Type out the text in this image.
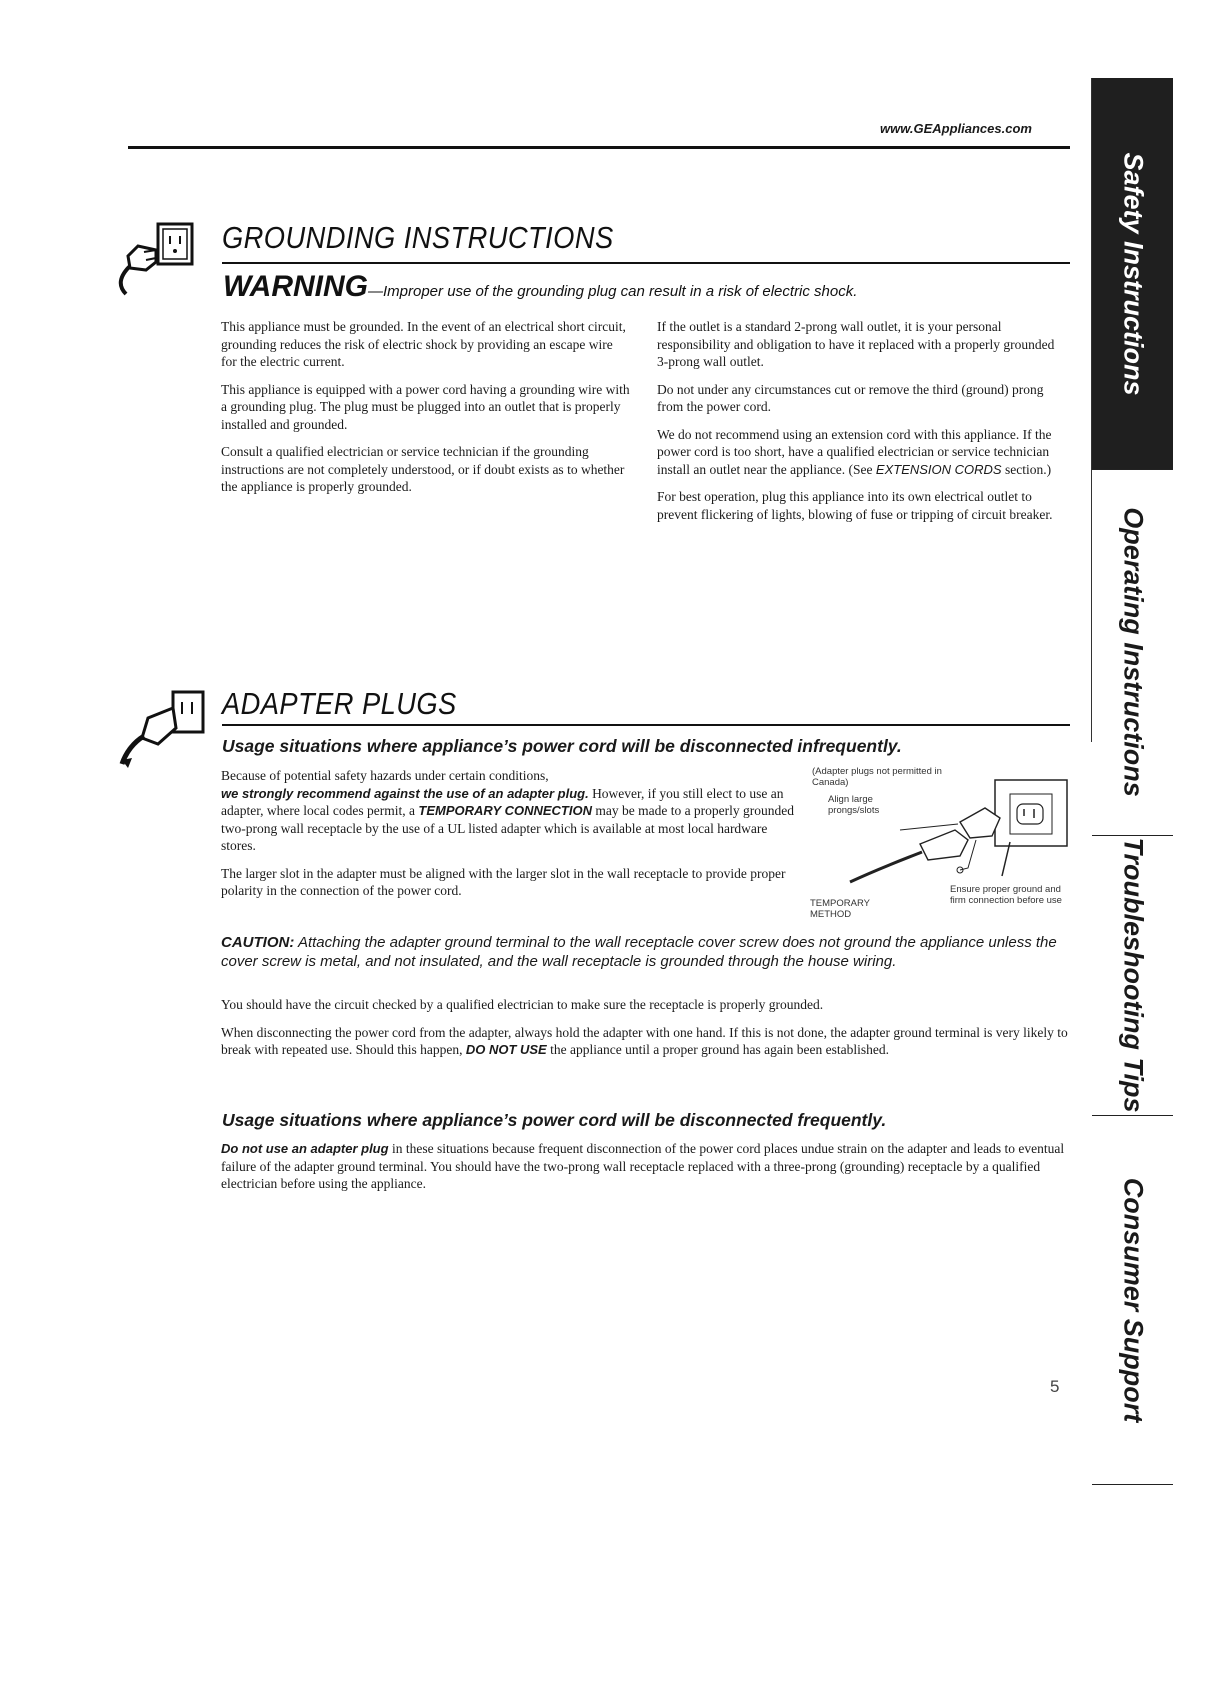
www.GEAppliances.com
GROUNDING INSTRUCTIONS
WARNING—Improper use of the grounding plug can result in a risk of electric shock.

This appliance must be grounded. In the event of an electrical short circuit, grounding reduces the risk of electric shock by providing an escape wire for the electric current.

This appliance is equipped with a power cord having a grounding wire with a grounding plug. The plug must be plugged into an outlet that is properly installed and grounded.

Consult a qualified electrician or service technician if the grounding instructions are not completely understood, or if doubt exists as to whether the appliance is properly grounded.

If the outlet is a standard 2-prong wall outlet, it is your personal responsibility and obligation to have it replaced with a properly grounded 3-prong wall outlet.

Do not under any circumstances cut or remove the third (ground) prong from the power cord.

We do not recommend using an extension cord with this appliance. If the power cord is too short, have a qualified electrician or service technician install an outlet near the appliance. (See EXTENSION CORDS section.)

For best operation, plug this appliance into its own electrical outlet to prevent flickering of lights, blowing of fuse or tripping of circuit breaker.

ADAPTER PLUGS
Usage situations where appliance’s power cord will be disconnected infrequently.

Because of potential safety hazards under certain conditions,
we strongly recommend against the use of an adapter plug. However, if you still elect to use an adapter, where local codes permit, a TEMPORARY CONNECTION may be made to a properly grounded two-prong wall receptacle by the use of a UL listed adapter which is available at most local hardware stores.

The larger slot in the adapter must be aligned with the larger slot in the wall receptacle to provide proper polarity in the connection of the power cord.

(Adapter plugs not permitted in Canada)
Align large prongs/slots
Ensure proper ground and firm connection before use
TEMPORARY METHOD
CAUTION: Attaching the adapter ground terminal to the wall receptacle cover screw does not ground the appliance unless the cover screw is metal, and not insulated, and the wall receptacle is grounded through the house wiring.

You should have the circuit checked by a qualified electrician to make sure the receptacle is properly grounded.

When disconnecting the power cord from the adapter, always hold the adapter with one hand. If this is not done, the adapter ground terminal is very likely to break with repeated use. Should this happen, DO NOT USE the appliance until a proper ground has again been established.

Usage situations where appliance’s power cord will be disconnected frequently.

Do not use an adapter plug in these situations because frequent disconnection of the power cord places undue strain on the adapter and leads to eventual failure of the adapter ground terminal. You should have the two-prong wall receptacle replaced with a three-prong (grounding) receptacle by a qualified electrician before using the appliance.

Safety Instructions
Operating Instructions
Troubleshooting Tips
Consumer Support
5
